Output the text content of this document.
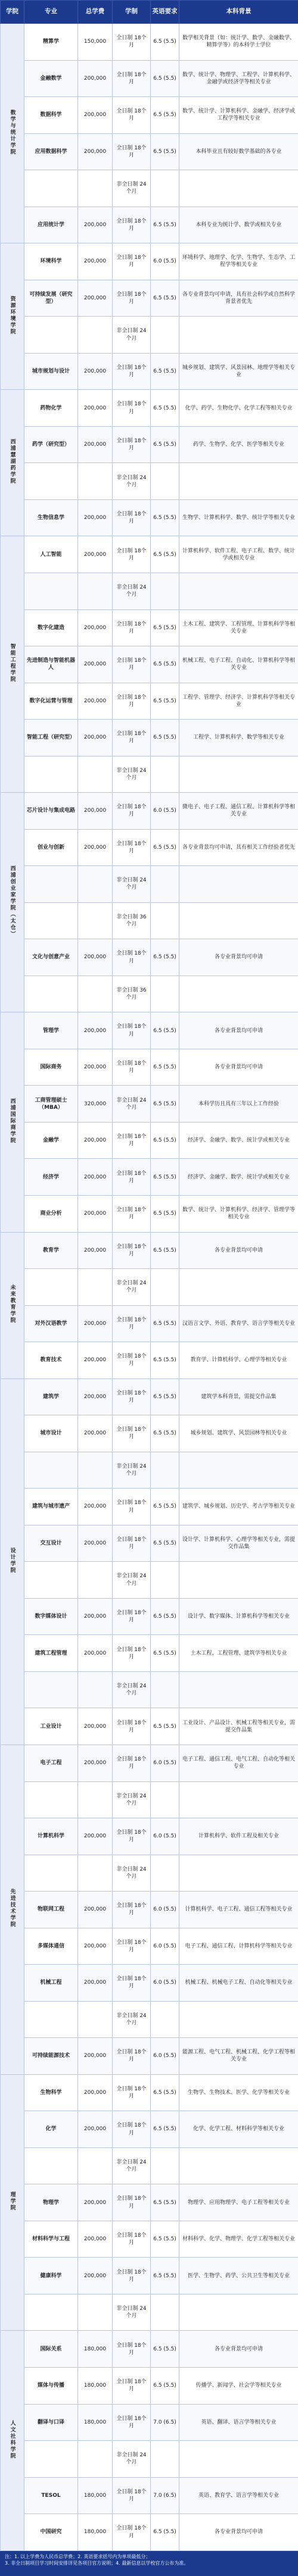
学院	专业	总学费	学制	英语要求	本科背景
数学与统计学院	精算学	150,000	全日制 18个月	6.5 (5.5)	数学相关背景（如：统计学、数学、金融数学、精算学等）的本科学士学位
	金融数学	200,000	全日制 18个月	6.5 (5.5)	数学、统计学、物理学、工程学、计算机科学、金融学或经济学等相关专业
	数据科学	200,000	全日制 18个月	6.5 (5.5)	数学、统计学、计算机科学、金融学、经济学或工程学等相关专业
	应用数据科学	200,000	全日制 18个月	6.5 (5.5)	本科毕业且有较好数学基础的各专业
			非全日制 24个月		
	应用统计学	200,000	全日制 18个月	6.5 (5.5)	本科专业为统计学、数学或相关专业
资源环境学院	环境科学	200,000	全日制 18个月	6.0 (5.5)	环境科学、地理学、化学、生物学、生态学、工程学等相关专业
	可持续发展（研究型）	200,000	全日制 18个月	6.5 (5.5)	各专业背景均可申请，具有社会科学或自然科学背景者优先
			非全日制 24个月		
	城市规划与设计	200,000	全日制 18个月	6.5 (5.5)	城乡规划、建筑学、风景园林、地理学等相关专业
西浦慧湖药学院	药物化学	200,000	全日制 18个月	6.5 (5.5)	化学、药学、生物化学、化学工程等相关专业
	药学（研究型）	200,000	全日制 18个月	6.5 (5.5)	药学、生物学、化学、医学等相关专业
			非全日制 24个月		
	生物信息学	200,000	全日制 18个月	6.5 (5.5)	生物学、计算机科学、数学、统计学等相关专业
智能工程学院	人工智能	200,000	全日制 18个月	6.5 (5.5)	计算机科学、软件工程、电子工程、数学、统计学或相关专业
			非全日制 24个月		
	数字化建造	200,000	全日制 18个月	6.5 (5.5)	土木工程、建筑学、工程管理、计算机科学等相关专业
	先进制造与智能机器人	200,000	全日制 18个月	6.5 (5.5)	机械工程、电子工程、自动化、计算机科学等相关专业
	数字化运营与管理	200,000	全日制 18个月	6.5 (5.5)	工程学、管理学、经济学、计算机科学等相关专业
	智能工程（研究型）	200,000	全日制 18个月	6.5 (5.5)	工程学、计算机科学、数学等相关专业
			非全日制 24个月		
西浦创业家学院（太仓）	芯片设计与集成电路	200,000	全日制 18个月	6.0 (5.5)	微电子、电子工程、通信工程、计算机科学等相关专业
	创业与创新	200,000	全日制 18个月	6.5 (5.5)	各专业背景均可申请，具有相关工作经验者优先
			非全日制 24个月		
			非全日制 36个月		
	文化与创意产业	200,000	全日制 18个月	6.5 (5.5)	各专业背景均可申请
			非全日制 36个月		
西浦国际商学院	管理学	200,000	全日制 18个月	6.5 (5.5)	各专业背景均可申请
	国际商务	200,000	全日制 18个月	6.5 (5.5)	各专业背景均可申请
	工商管理硕士（MBA）	320,000	非全日制 24个月	6.5 (5.5)	本科学历且具有三年以上工作经验
	金融学	200,000	全日制 18个月	6.5 (5.5)	经济学、金融学、数学、统计学或相关专业
	经济学	200,000	全日制 18个月	6.5 (5.5)	经济学、金融学、数学、统计学或相关专业
	商业分析	200,000	全日制 18个月	6.5 (5.5)	数学、统计学、计算机科学、经济学、管理学等相关专业
未来教育学院	教育学	200,000	全日制 18个月	6.5 (5.5)	各专业背景均可申请
			非全日制 24个月		
	对外汉语教学	200,000	全日制 18个月	6.5 (5.5)	汉语言文学、外语、教育学、语言学等相关专业
	教育技术	200,000	全日制 18个月	6.5 (5.5)	教育学、计算机科学、心理学等相关专业
设计学院	建筑学	200,000	全日制 18个月	6.5 (5.5)	建筑学本科背景，需提交作品集
	城市设计	200,000	全日制 18个月	6.5 (5.5)	城乡规划、建筑学、风景园林等相关专业
			非全日制 24个月		
	建筑与城市遗产	200,000	全日制 18个月	6.5 (5.5)	建筑学、城乡规划、历史学、考古学等相关专业
	交互设计	200,000	全日制 18个月	6.5 (5.5)	设计学、计算机科学、心理学等相关专业，需提交作品集
			非全日制 24个月		
	数字媒体设计	200,000	全日制 18个月	6.5 (5.5)	设计学、数字媒体、计算机科学等相关专业
	建筑工程管理	200,000	全日制 18个月	6.5 (5.5)	土木工程、工程管理、建筑学等相关专业
			非全日制 24个月		
	工业设计	200,000	全日制 18个月	6.5 (5.5)	工业设计、产品设计、机械工程等相关专业，需提交作品集
先进技术学院	电子工程	200,000	全日制 18个月	6.0 (5.5)	电子工程、通信工程、电气工程、自动化等相关专业
			非全日制 24个月		
	计算机科学	200,000	全日制 18个月	6.0 (5.5)	计算机科学、软件工程及相关专业
			非全日制 24个月		
	物联网工程	200,000	全日制 18个月	6.0 (5.5)	计算机科学、电子工程、通信工程等相关专业
	多媒体通信	200,000	全日制 18个月	6.0 (5.5)	电子工程、通信工程、计算机科学等相关专业
	机械工程	200,000	全日制 18个月	6.0 (5.5)	机械工程、机械电子工程、自动化等相关专业
			非全日制 24个月		
	可持续能源技术	200,000	全日制 18个月	6.0 (5.5)	能源工程、电气工程、机械工程、化学工程等相关专业
理学院	生物科学	200,000	全日制 18个月	6.5 (5.5)	生物学、生物技术、医学、化学等相关专业
	化学	200,000	全日制 18个月	6.5 (5.5)	化学、化学工程、材料科学等相关专业
			非全日制 24个月		
	物理学	200,000	全日制 18个月	6.5 (5.5)	物理学、应用物理学、电子工程等相关专业
	材料科学与工程	200,000	全日制 18个月	6.5 (5.5)	材料科学、化学、物理学、化学工程等相关专业
	健康科学	200,000	全日制 18个月	6.5 (5.5)	医学、生物学、药学、公共卫生等相关专业
			非全日制 24个月		
人文社科学院	国际关系	180,000	全日制 18个月	6.5 (5.5)	各专业背景均可申请
	媒体与传播	180,000	全日制 18个月	6.5 (5.5)	传播学、新闻学、社会学等相关专业
	翻译与口译	180,000	全日制 18个月	7.0 (6.5)	英语、翻译、语言学等相关专业
			非全日制 24个月		
	TESOL	180,000	全日制 18个月	7.0 (6.5)	英语、教育学、语言学等相关专业
	中国研究	180,000	全日制 18个月	6.5 (5.5)	各专业背景均可申请
注：1. 以上学费为人民币总学费；2. 英语要求括号内为单项最低分；
3. 非全日制项目学习时间安排详见各项目官方说明；4. 最新信息以学校官方公布为准。
